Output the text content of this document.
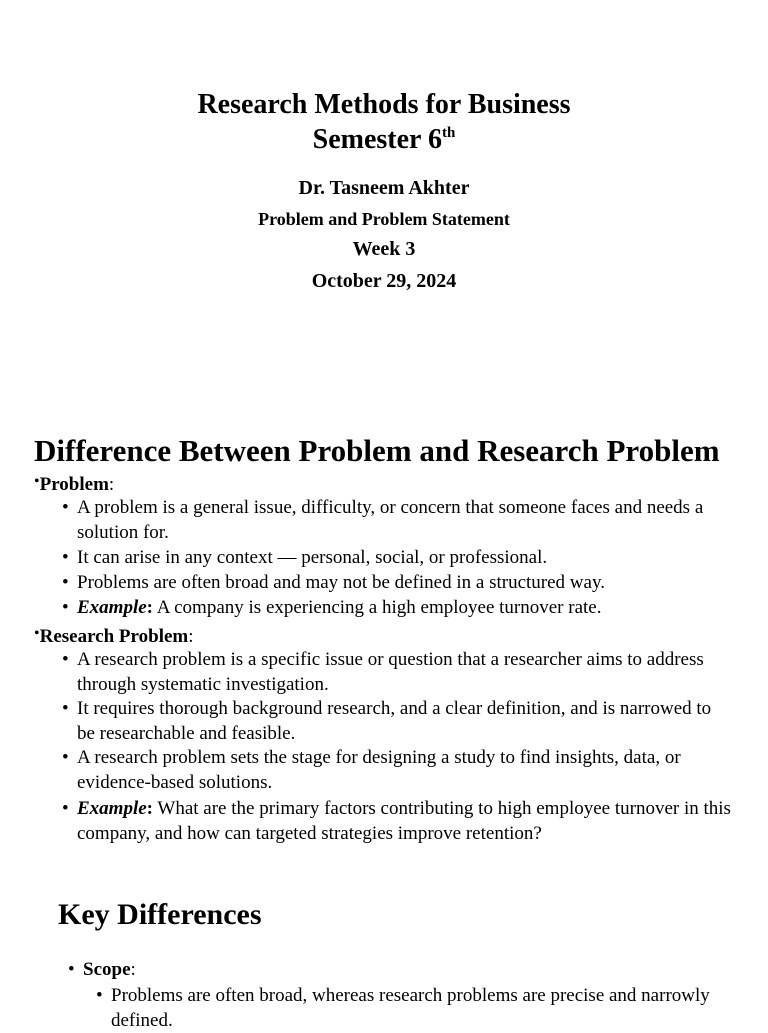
Research Methods for Business
Semester 6th
Dr. Tasneem Akhter
Problem and Problem Statement
Week 3
October 29, 2024
Difference Between Problem and Research Problem
•Problem:
• A problem is a general issue, difficulty, or concern that someone faces and needs a solution for.
• It can arise in any context — personal, social, or professional.
• Problems are often broad and may not be defined in a structured way.
• Example: A company is experiencing a high employee turnover rate.
•Research Problem:
• A research problem is a specific issue or question that a researcher aims to address through systematic investigation.
• It requires thorough background research, and a clear definition, and is narrowed to be researchable and feasible.
• A research problem sets the stage for designing a study to find insights, data, or evidence-based solutions.
• Example: What are the primary factors contributing to high employee turnover in this company, and how can targeted strategies improve retention?
Key Differences
• Scope:
• Problems are often broad, whereas research problems are precise and narrowly defined.
